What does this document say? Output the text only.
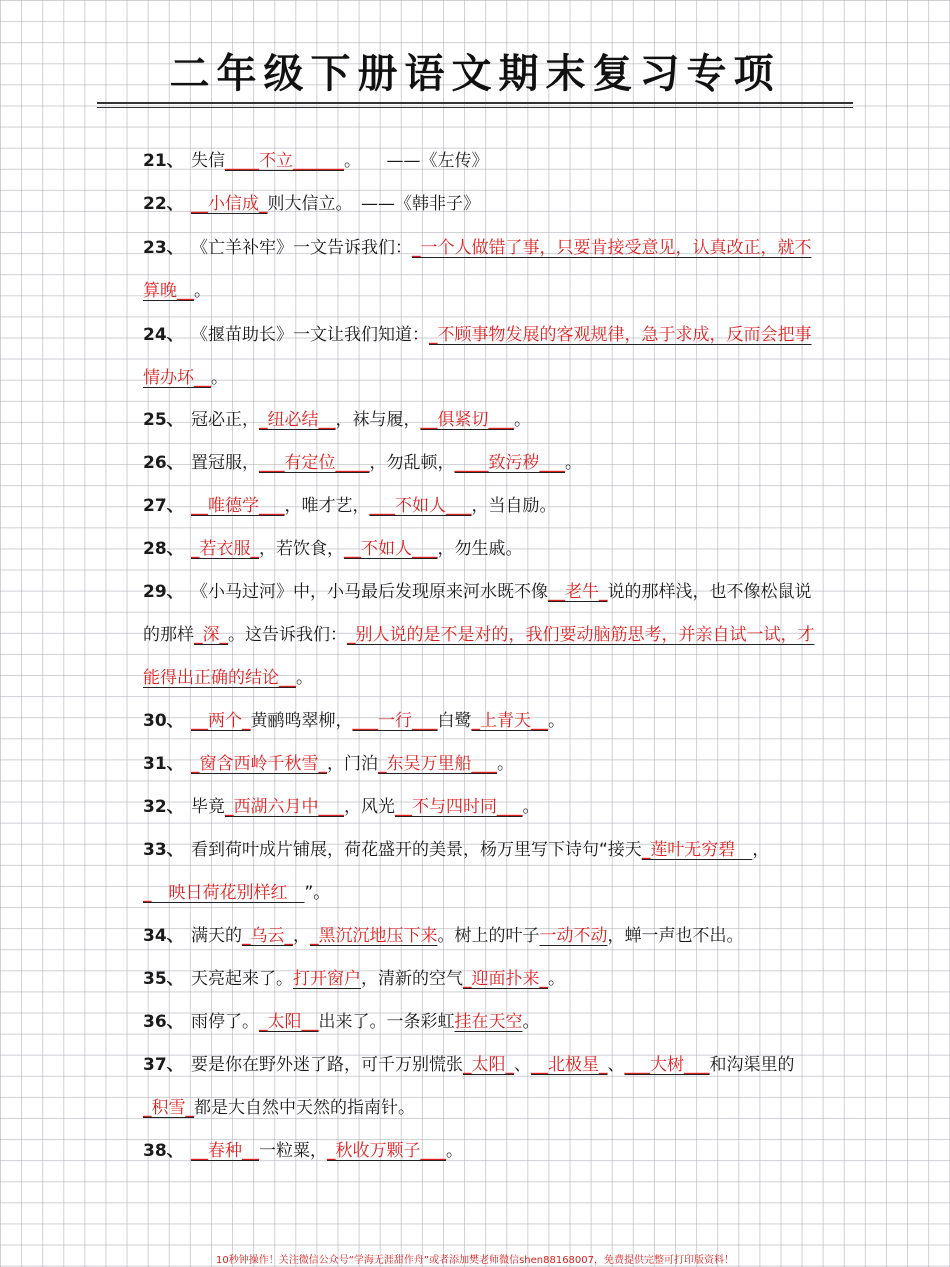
二年级下册语文期末复习专项
21、 失信____不立______。　　——《左传》
22、 __小信成_则大信立。　——《韩非子》
23、 《亡羊补牢》一文告诉我们：_一个人做错了事，只要肯接受意见，认真改正，就不算晚__。
24、 《揠苗助长》一文让我们知道：_不顾事物发展的客观规律，急于求成，反而会把事情办坏__。
25、 冠必正，_纽必结__，袜与履，__俱紧切___。
26、 置冠服，___有定位____，勿乱顿，____致污秽___。
27、 __唯德学___，唯才艺，___不如人___，当自励。
28、 _若衣服_，若饮食，__不如人___，勿生戚。
29、 《小马过河》中，小马最后发现原来河水既不像__老牛_说的那样浅，也不像松鼠说的那样_深_。这告诉我们：_别人说的是不是对的，我们要动脑筋思考，并亲自试一试，才能得出正确的结论__。
30、 __两个_黄鹂鸣翠柳，___一行___白鹭_上青天__。
31、 _窗含西岭千秋雪_，门泊_东吴万里船___。
32、 毕竟_西湖六月中___，风光__不与四时同___。
33、 看到荷叶成片铺展，荷花盛开的美景，杨万里写下诗句“接天_莲叶无穷碧　，_　映日荷花别样红　”。
34、 满天的_乌云_，_黑沉沉地压下来。树上的叶子一动不动，蝉一声也不出。
35、 天亮起来了。打开窗户，清新的空气_迎面扑来_。
36、 雨停了。_太阳__出来了。一条彩虹挂在天空。
37、 要是你在野外迷了路，可千万别慌张_太阳_、__北极星_、___大树___和沟渠里的_积雪_都是大自然中天然的指南针。
38、 __春种__一粒粟，_秋收万颗子___。
10秒钟操作！关注微信公众号“学海无涯甜作舟”或者添加樊老师微信shen88168007，免费提供完整可打印版资料！
